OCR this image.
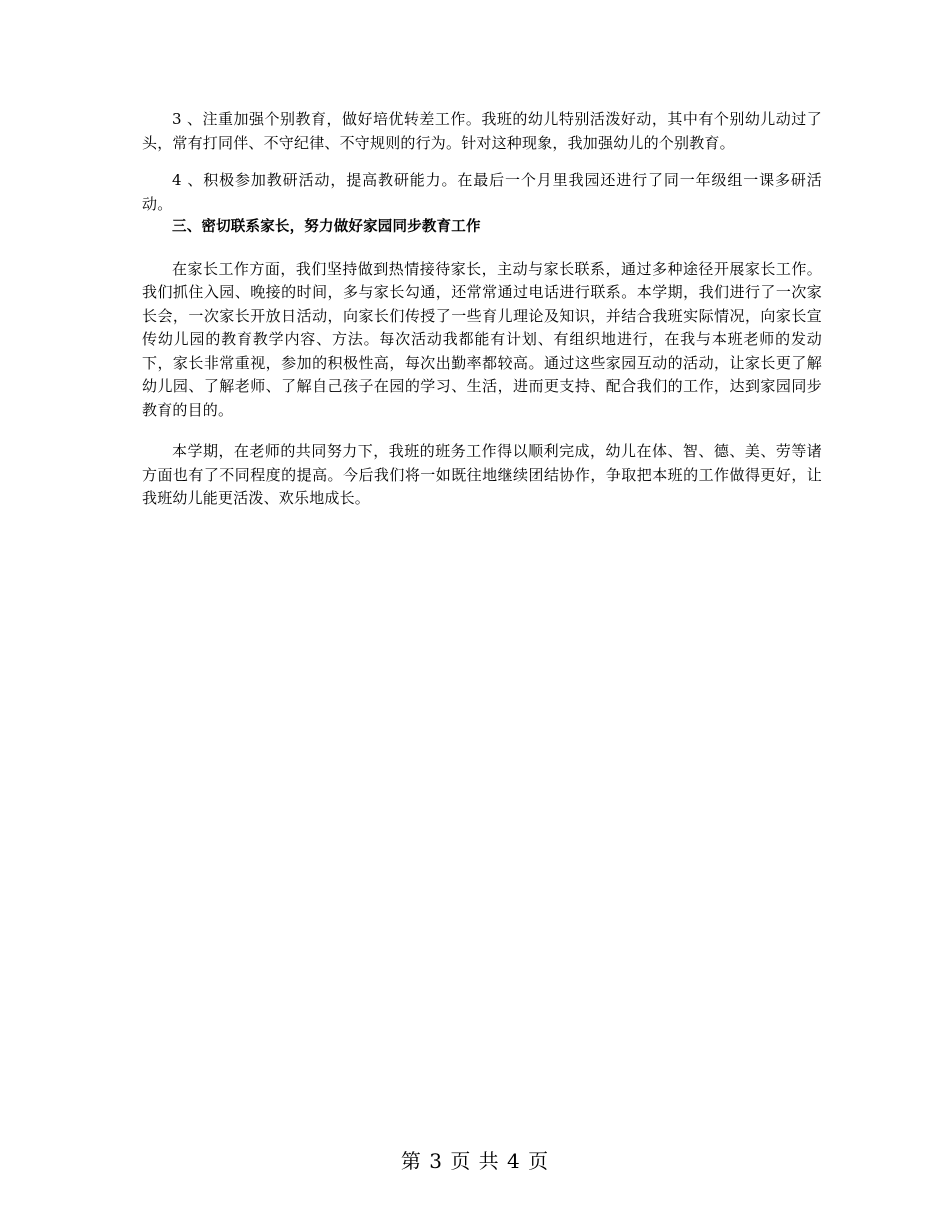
3 、注重加强个别教育，做好培优转差工作。我班的幼儿特别活泼好动，其中有个别幼儿动过了头，常有打同伴、不守纪律、不守规则的行为。针对这种现象，我加强幼儿的个别教育。

4 、积极参加教研活动，提高教研能力。在最后一个月里我园还进行了同一年级组一课多研活动。

三、密切联系家长，努力做好家园同步教育工作

在家长工作方面，我们坚持做到热情接待家长，主动与家长联系，通过多种途径开展家长工作。我们抓住入园、晚接的时间，多与家长勾通，还常常通过电话进行联系。本学期，我们进行了一次家长会，一次家长开放日活动，向家长们传授了一些育儿理论及知识，并结合我班实际情况，向家长宣传幼儿园的教育教学内容、方法。每次活动我都能有计划、有组织地进行，在我与本班老师的发动下，家长非常重视，参加的积极性高，每次出勤率都较高。通过这些家园互动的活动，让家长更了解幼儿园、了解老师、了解自己孩子在园的学习、生活，进而更支持、配合我们的工作，达到家园同步教育的目的。

本学期，在老师的共同努力下，我班的班务工作得以顺利完成，幼儿在体、智、德、美、劳等诸方面也有了不同程度的提高。今后我们将一如既往地继续团结协作，争取把本班的工作做得更好，让我班幼儿能更活泼、欢乐地成长。

第 3 页 共 4 页
